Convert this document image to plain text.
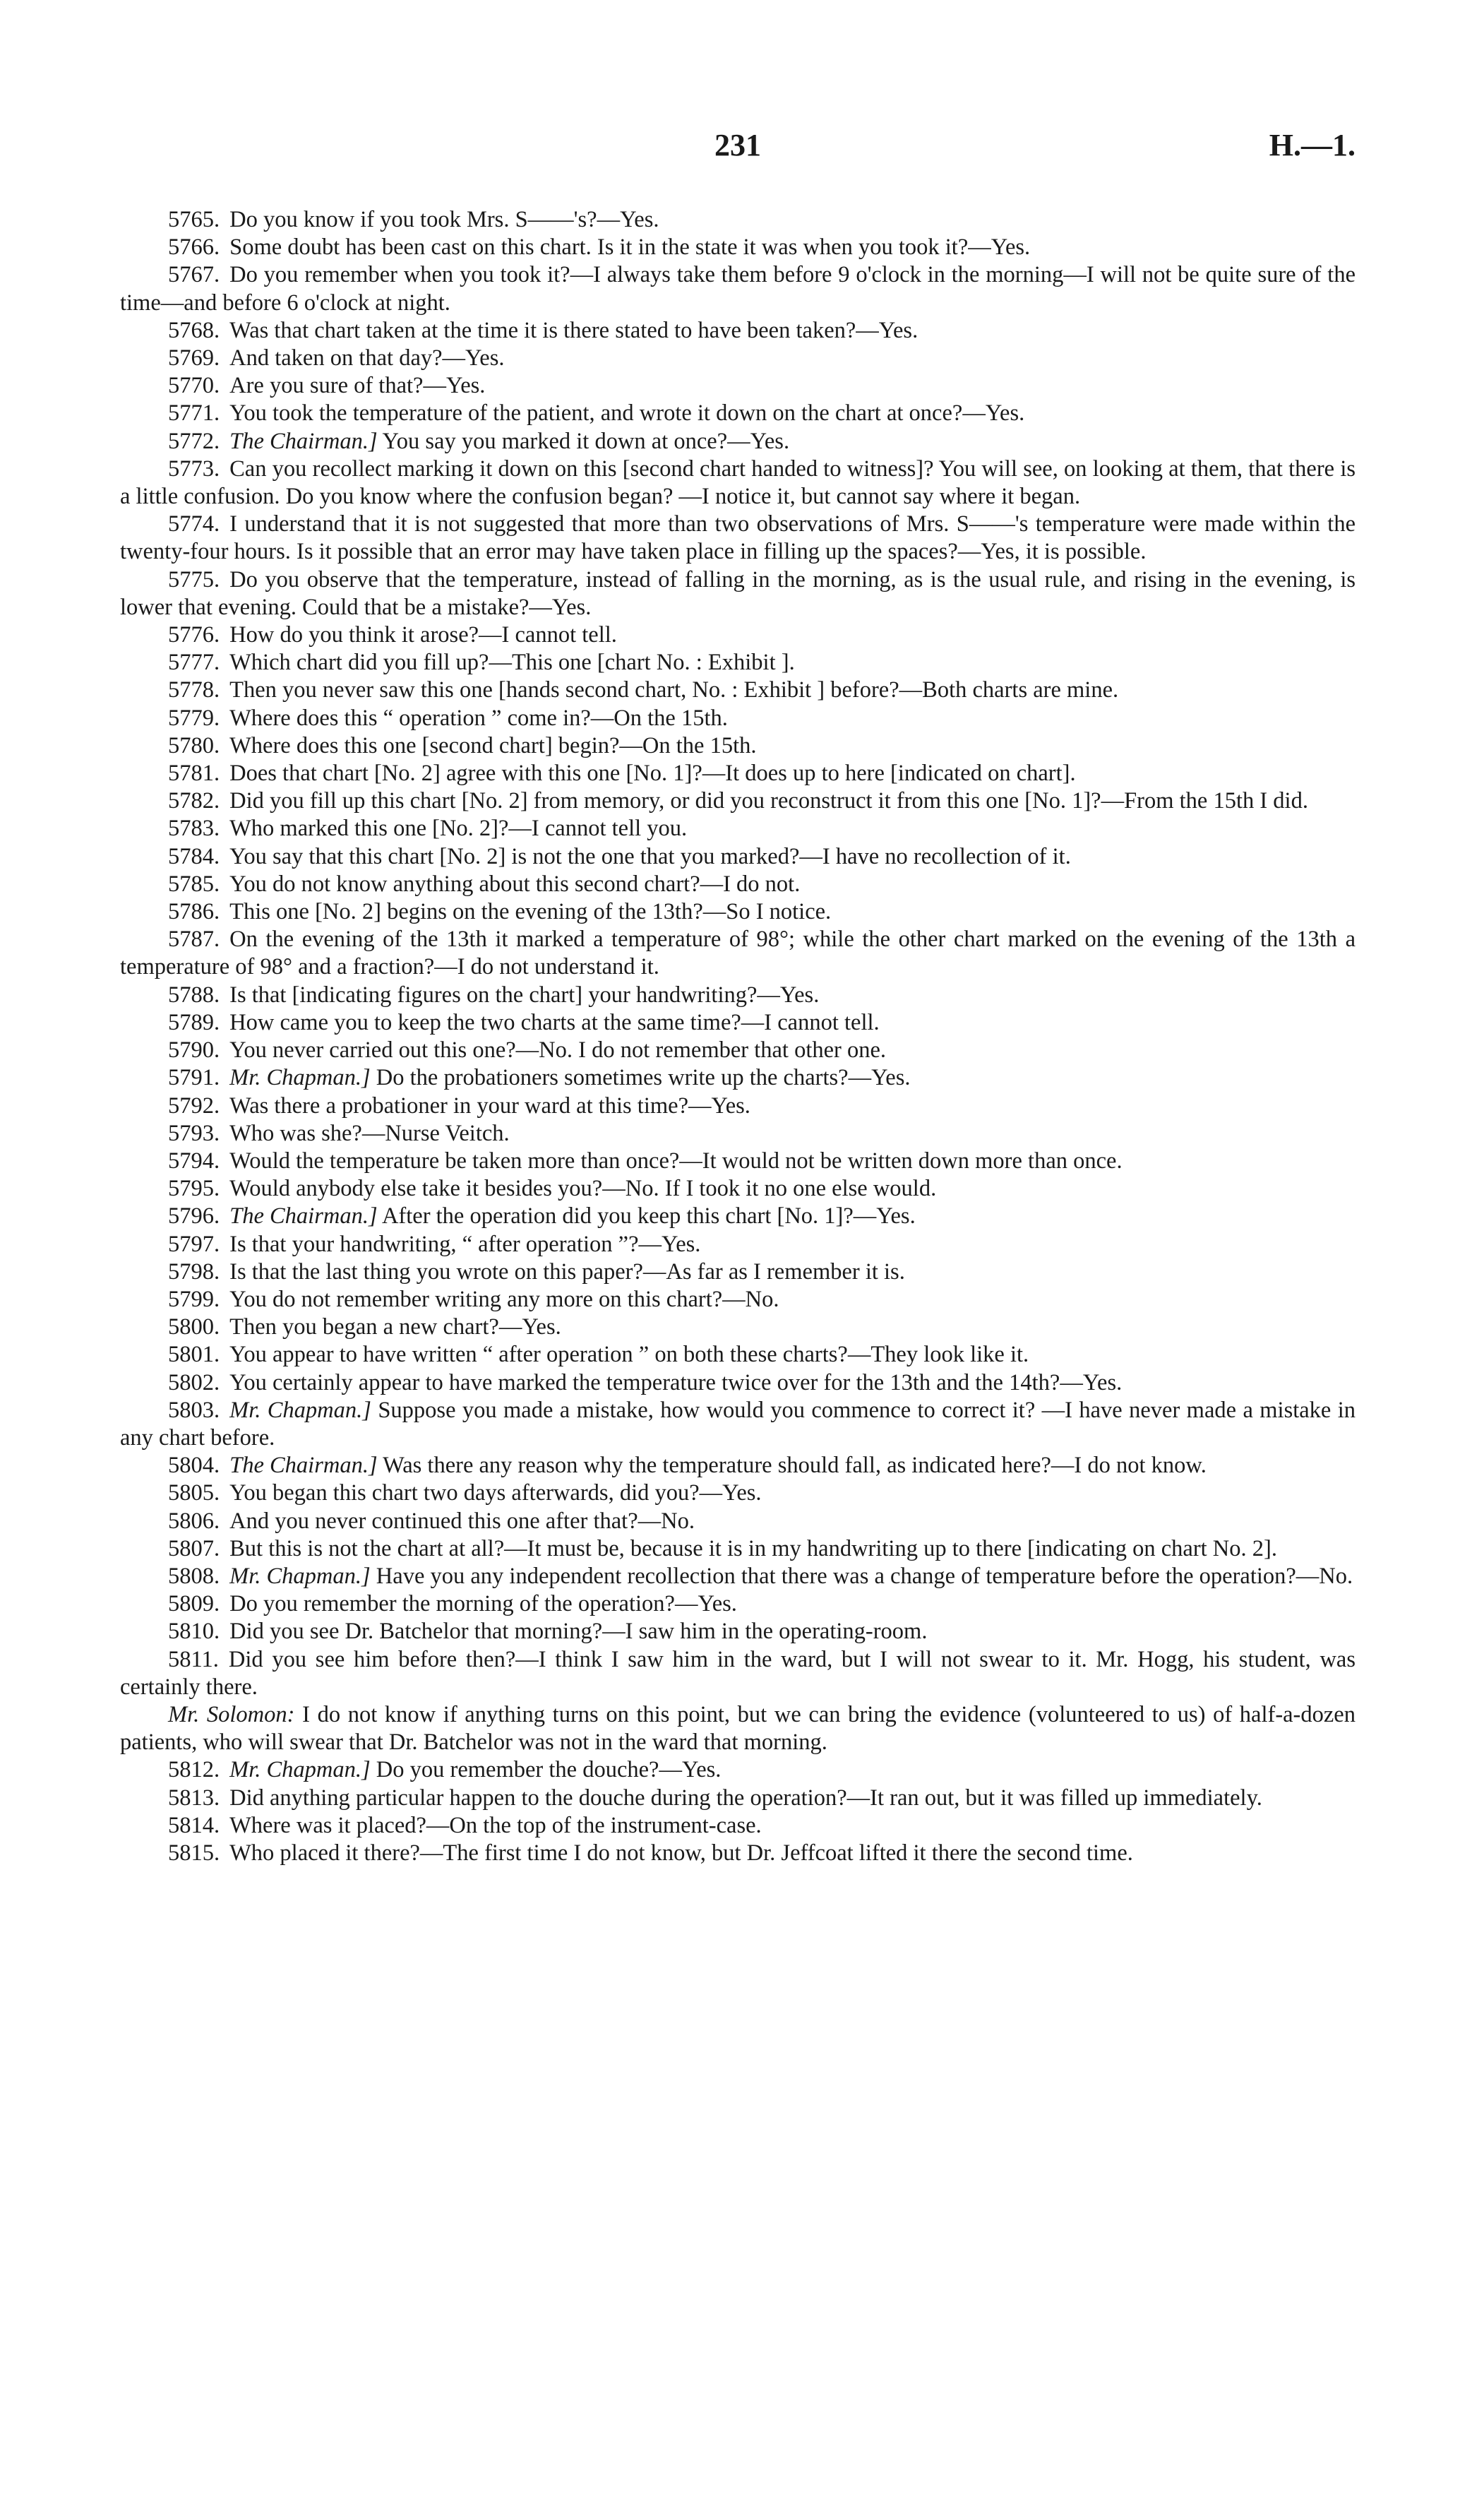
231	H.—1.

5765. Do you know if you took Mrs. S——'s?—Yes.

5766. Some doubt has been cast on this chart. Is it in the state it was when you took it?—Yes.

5767. Do you remember when you took it?—I always take them before 9 o'clock in the morning—I will not be quite sure of the time—and before 6 o'clock at night.

5768. Was that chart taken at the time it is there stated to have been taken?—Yes.

5769. And taken on that day?—Yes.

5770. Are you sure of that?—Yes.

5771. You took the temperature of the patient, and wrote it down on the chart at once?—Yes.

5772. The Chairman.] You say you marked it down at once?—Yes.

5773. Can you recollect marking it down on this [second chart handed to witness]? You will see, on looking at them, that there is a little confusion. Do you know where the confusion began? —I notice it, but cannot say where it began.

5774. I understand that it is not suggested that more than two observations of Mrs. S——'s temperature were made within the twenty-four hours. Is it possible that an error may have taken place in filling up the spaces?—Yes, it is possible.

5775. Do you observe that the temperature, instead of falling in the morning, as is the usual rule, and rising in the evening, is lower that evening. Could that be a mistake?—Yes.

5776. How do you think it arose?—I cannot tell.

5777. Which chart did you fill up?—This one [chart No. : Exhibit ].

5778. Then you never saw this one [hands second chart, No. : Exhibit ] before?—Both charts are mine.

5779. Where does this “ operation ” come in?—On the 15th.

5780. Where does this one [second chart] begin?—On the 15th.

5781. Does that chart [No. 2] agree with this one [No. 1]?—It does up to here [indicated on chart].

5782. Did you fill up this chart [No. 2] from memory, or did you reconstruct it from this one [No. 1]?—From the 15th I did.

5783. Who marked this one [No. 2]?—I cannot tell you.

5784. You say that this chart [No. 2] is not the one that you marked?—I have no recollection of it.

5785. You do not know anything about this second chart?—I do not.

5786. This one [No. 2] begins on the evening of the 13th?—So I notice.

5787. On the evening of the 13th it marked a temperature of 98°; while the other chart marked on the evening of the 13th a temperature of 98° and a fraction?—I do not understand it.

5788. Is that [indicating figures on the chart] your handwriting?—Yes.

5789. How came you to keep the two charts at the same time?—I cannot tell.

5790. You never carried out this one?—No. I do not remember that other one.

5791. Mr. Chapman.] Do the probationers sometimes write up the charts?—Yes.

5792. Was there a probationer in your ward at this time?—Yes.

5793. Who was she?—Nurse Veitch.

5794. Would the temperature be taken more than once?—It would not be written down more than once.

5795. Would anybody else take it besides you?—No. If I took it no one else would.

5796. The Chairman.] After the operation did you keep this chart [No. 1]?—Yes.

5797. Is that your handwriting, “ after operation ”?—Yes.

5798. Is that the last thing you wrote on this paper?—As far as I remember it is.

5799. You do not remember writing any more on this chart?—No.

5800. Then you began a new chart?—Yes.

5801. You appear to have written “ after operation ” on both these charts?—They look like it.

5802. You certainly appear to have marked the temperature twice over for the 13th and the 14th?—Yes.

5803. Mr. Chapman.] Suppose you made a mistake, how would you commence to correct it? —I have never made a mistake in any chart before.

5804. The Chairman.] Was there any reason why the temperature should fall, as indicated here?—I do not know.

5805. You began this chart two days afterwards, did you?—Yes.

5806. And you never continued this one after that?—No.

5807. But this is not the chart at all?—It must be, because it is in my handwriting up to there [indicating on chart No. 2].

5808. Mr. Chapman.] Have you any independent recollection that there was a change of temperature before the operation?—No.

5809. Do you remember the morning of the operation?—Yes.

5810. Did you see Dr. Batchelor that morning?—I saw him in the operating-room.

5811. Did you see him before then?—I think I saw him in the ward, but I will not swear to it. Mr. Hogg, his student, was certainly there.

Mr. Solomon: I do not know if anything turns on this point, but we can bring the evidence (volunteered to us) of half-a-dozen patients, who will swear that Dr. Batchelor was not in the ward that morning.

5812. Mr. Chapman.] Do you remember the douche?—Yes.

5813. Did anything particular happen to the douche during the operation?—It ran out, but it was filled up immediately.

5814. Where was it placed?—On the top of the instrument-case.

5815. Who placed it there?—The first time I do not know, but Dr. Jeffcoat lifted it there the second time.
